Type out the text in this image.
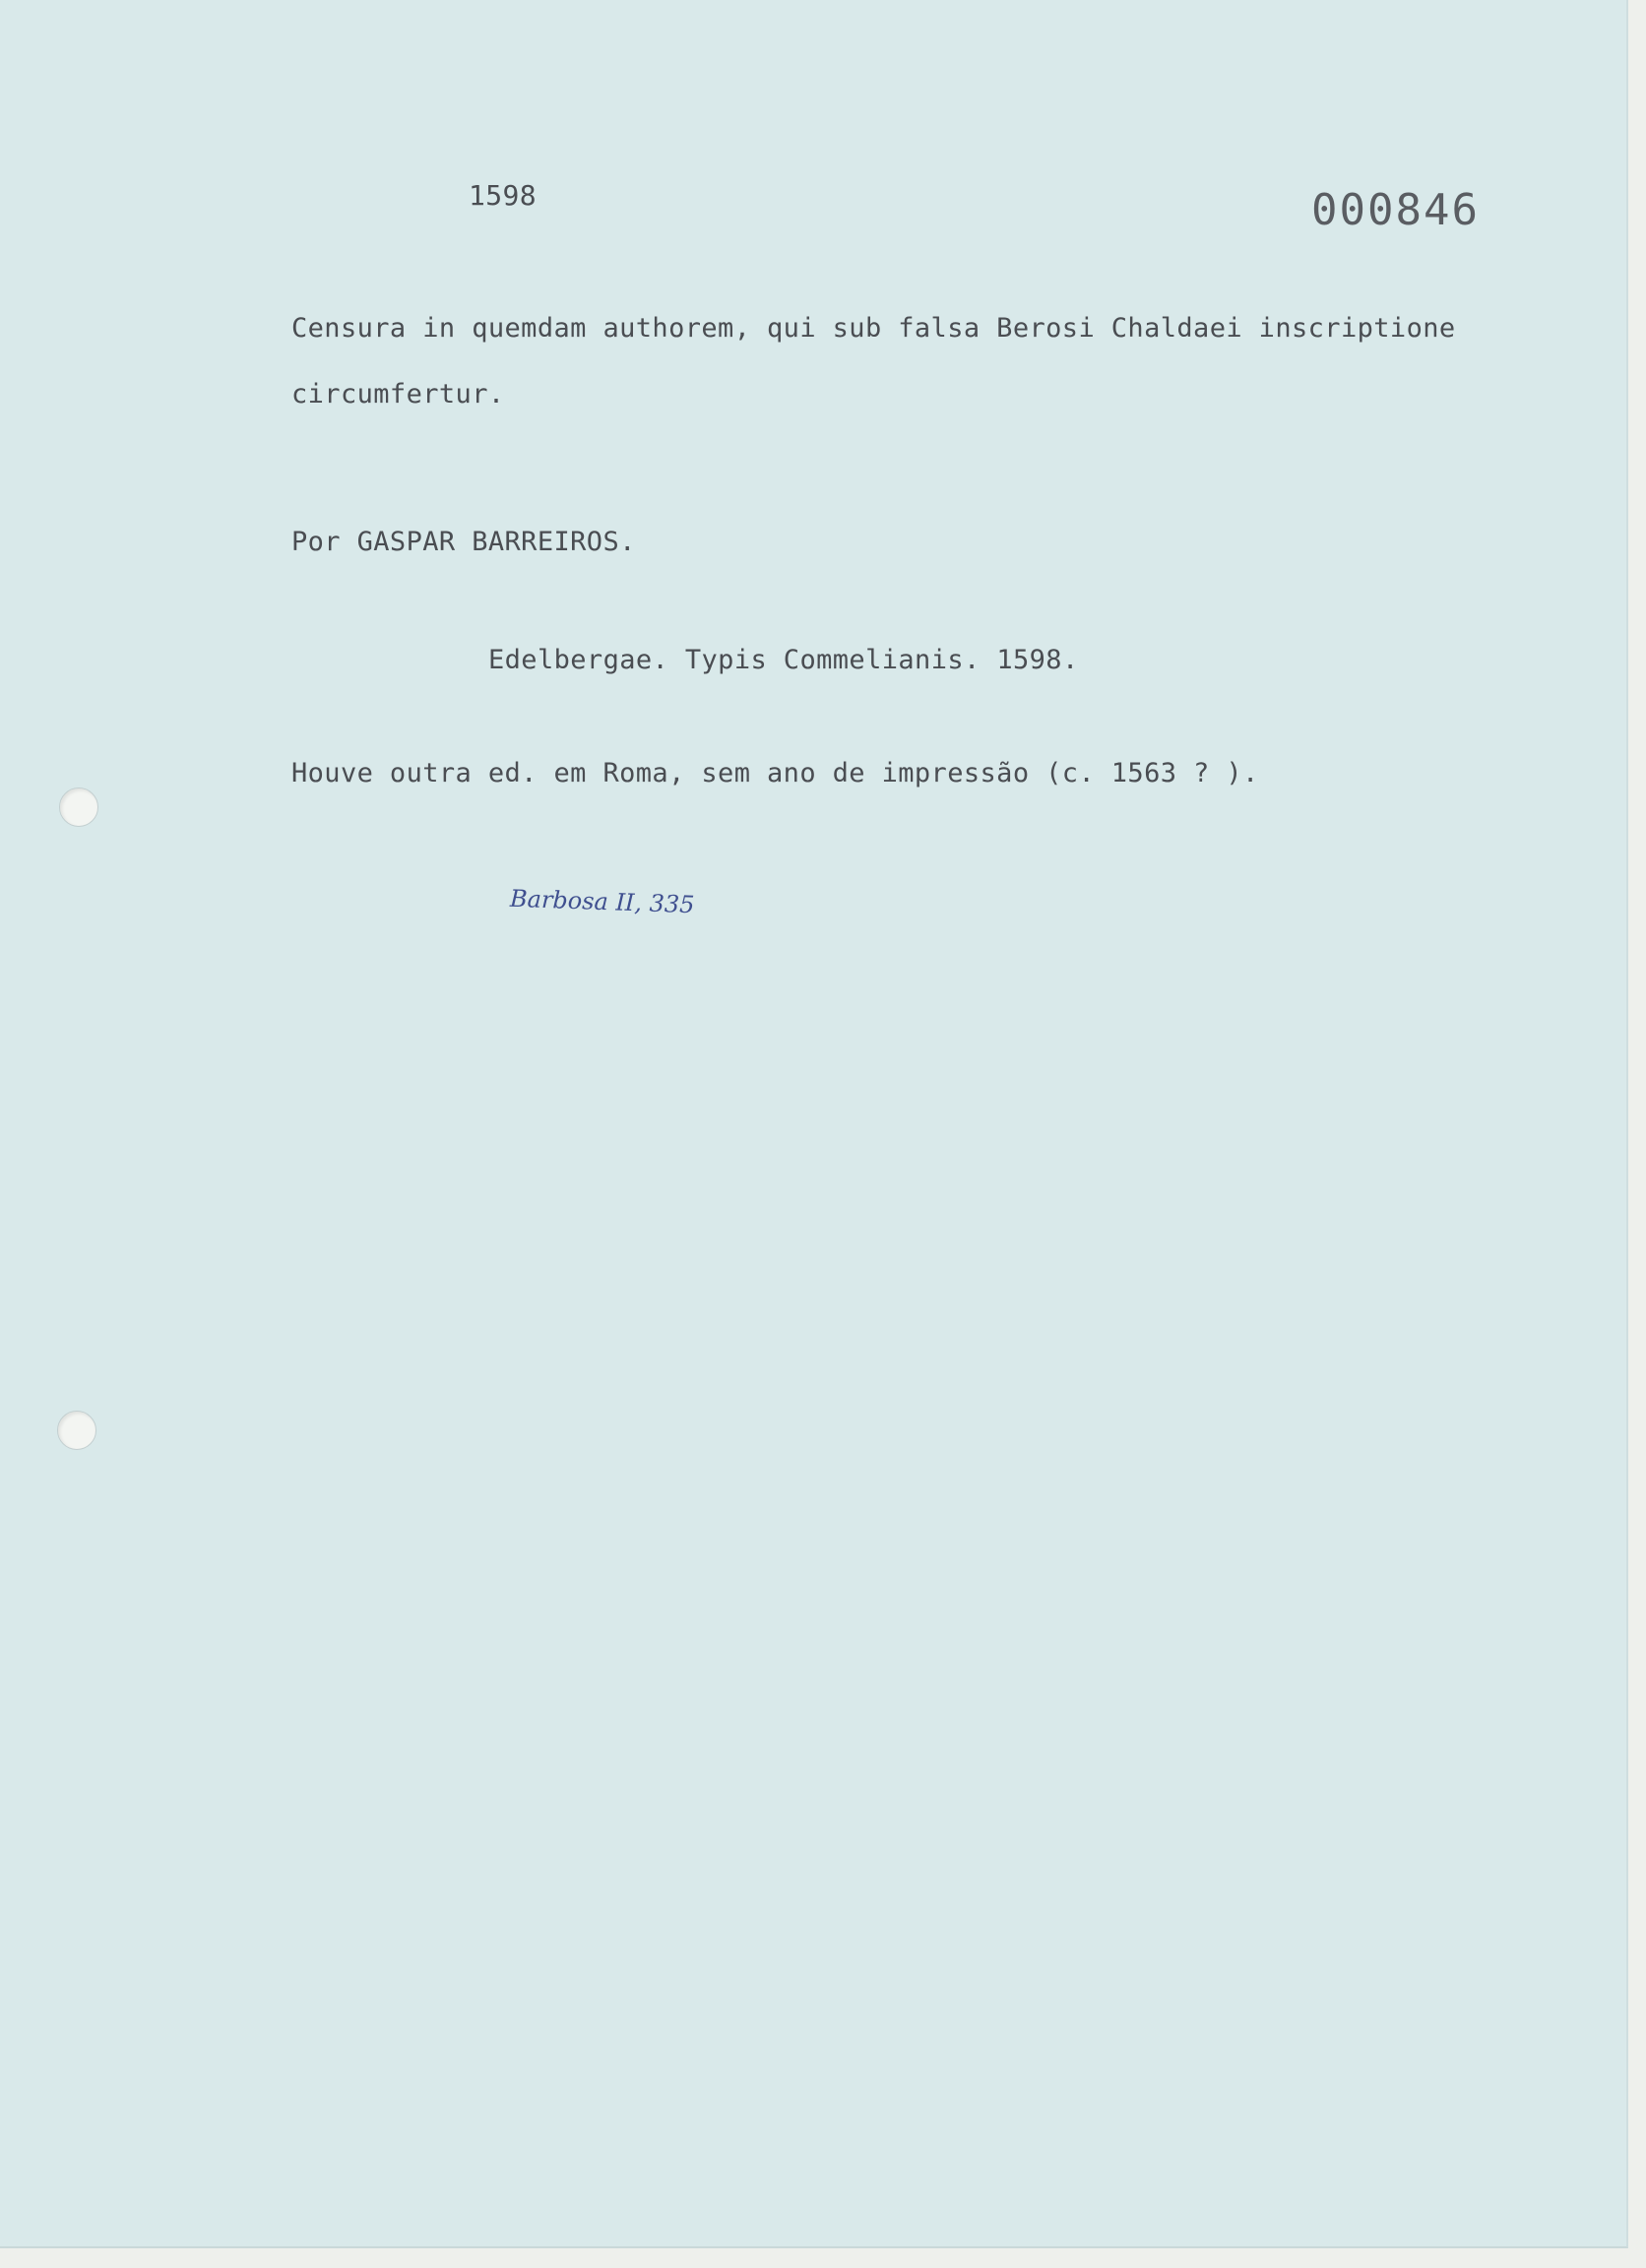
1598	000846
Censura in quemdam authorem, qui sub falsa Berosi Chaldaei inscriptione
circumfertur.
Por GASPAR BARREIROS.
Edelbergae. Typis Commelianis. 1598.
Houve outra ed. em Roma, sem ano de impressão (c. 1563 ? ).
Barbosa II, 335
